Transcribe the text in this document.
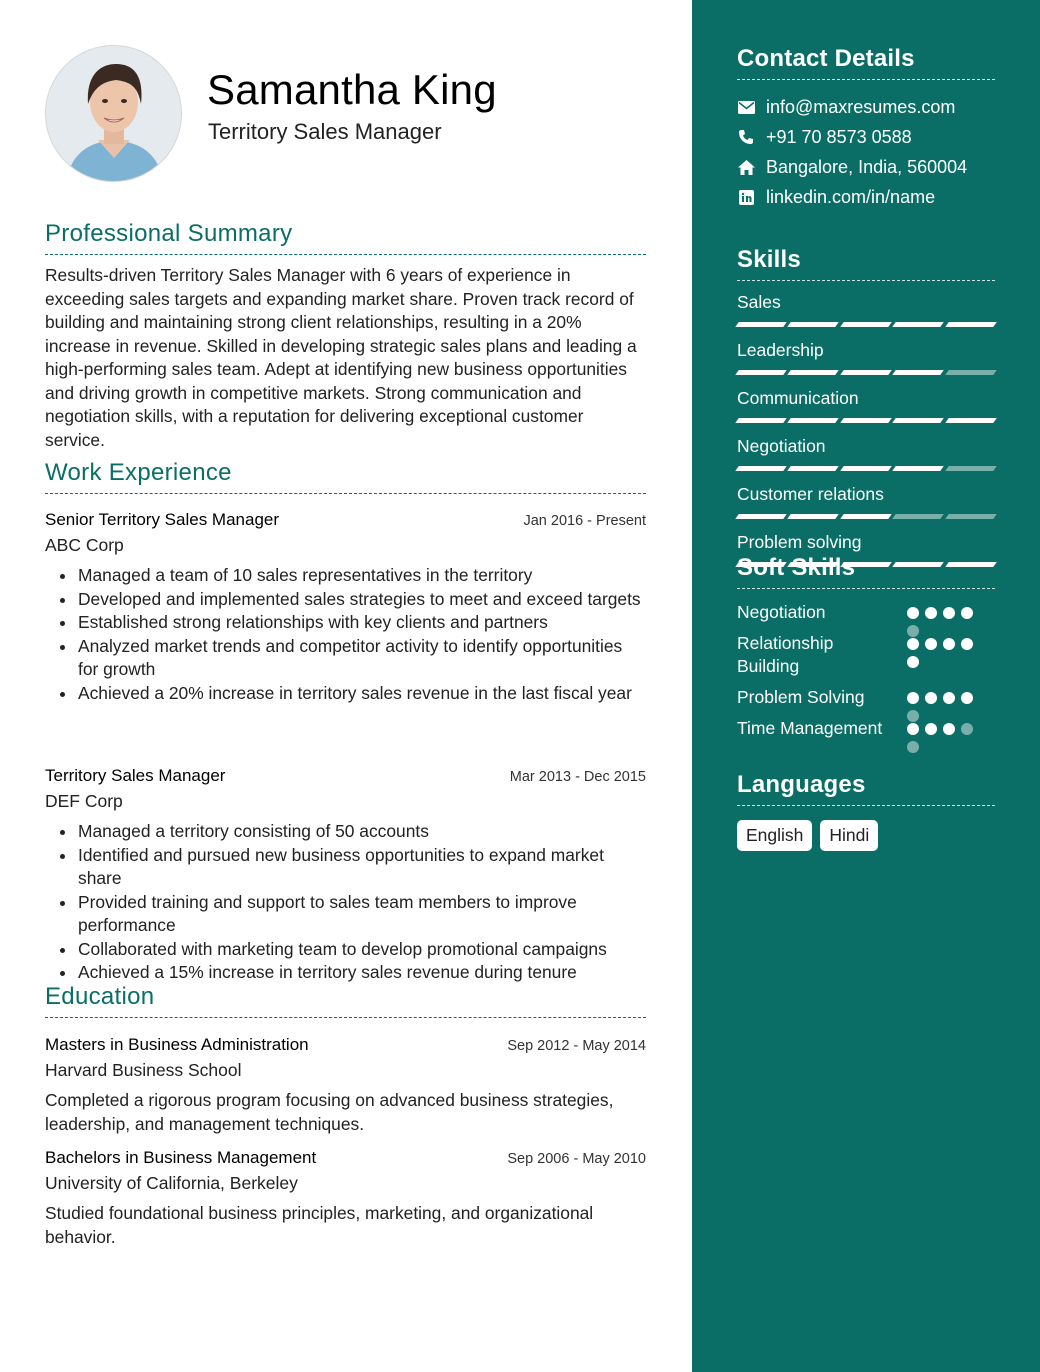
Samantha King
Territory Sales Manager
Professional Summary

Results-driven Territory Sales Manager with 6 years of experience in exceeding sales targets and expanding market share. Proven track record of building and maintaining strong client relationships, resulting in a 20% increase in revenue. Skilled in developing strategic sales plans and leading a high-performing sales team. Adept at identifying new business opportunities and driving growth in competitive markets. Strong communication and negotiation skills, with a reputation for delivering exceptional customer service.

Work Experience
Senior Territory Sales Manager	Jan 2016 - Present
ABC Corp
Managed a team of 10 sales representatives in the territory
Developed and implemented sales strategies to meet and exceed targets
Established strong relationships with key clients and partners
Analyzed market trends and competitor activity to identify opportunities for growth
Achieved a 20% increase in territory sales revenue in the last fiscal year
Territory Sales Manager	Mar 2013 - Dec 2015
DEF Corp
Managed a territory consisting of 50 accounts
Identified and pursued new business opportunities to expand market share
Provided training and support to sales team members to improve performance
Collaborated with marketing team to develop promotional campaigns
Achieved a 15% increase in territory sales revenue during tenure
Education
Masters in Business Administration	Sep 2012 - May 2014
Harvard Business School

Completed a rigorous program focusing on advanced business strategies, leadership, and management techniques.

Bachelors in Business Management	Sep 2006 - May 2010
University of California, Berkeley

Studied foundational business principles, marketing, and organizational behavior.

Contact Details
info@maxresumes.com
+91 70 8573 0588
Bangalore, India, 560004
linkedin.com/in/name
Skills
Sales
Leadership
Communication
Negotiation
Customer relations
Problem solving
Soft Skills
Negotiation
Relationship Building
Problem Solving
Time Management
Languages
English	Hindi
